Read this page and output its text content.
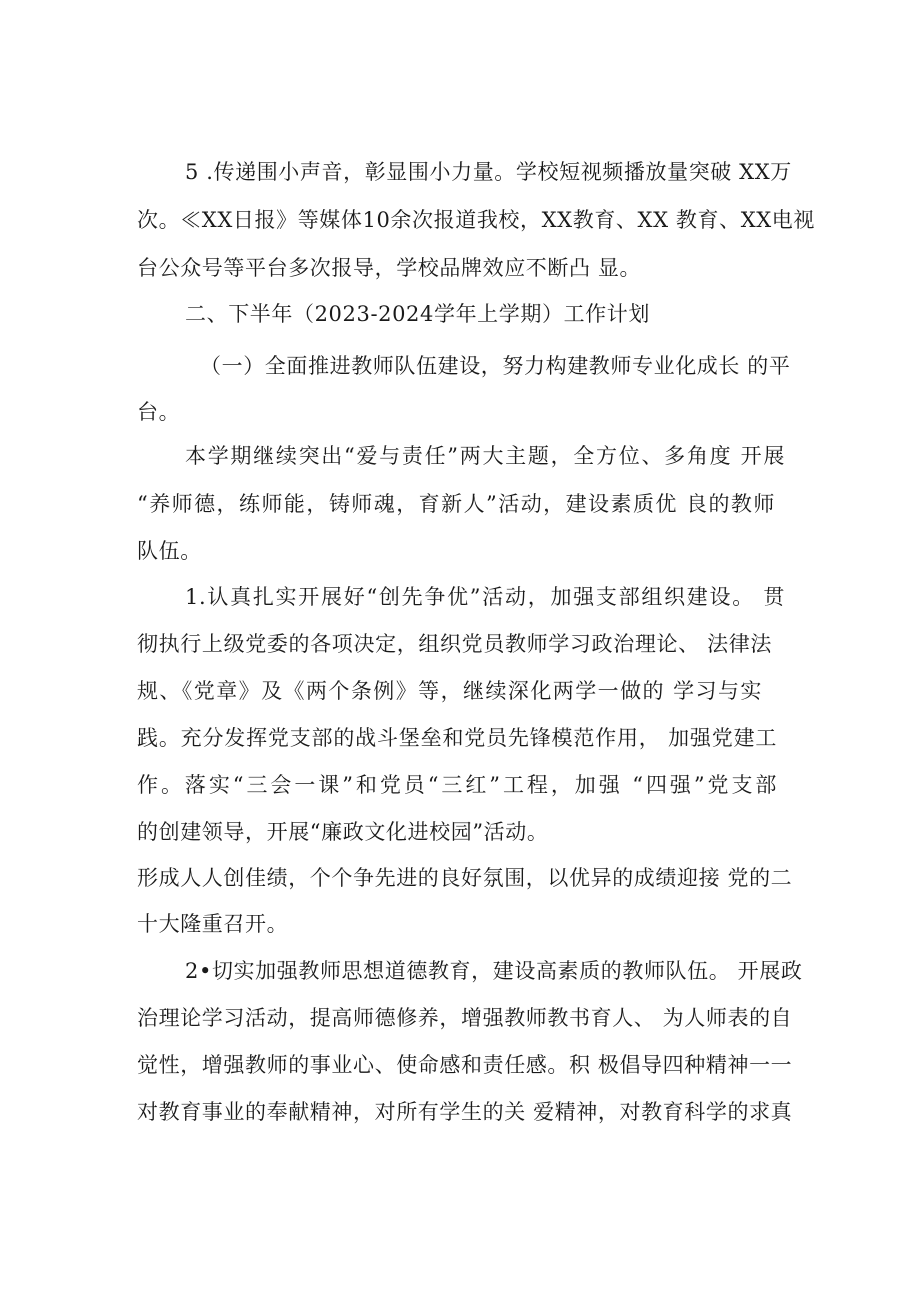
5 .传递围小声音，彰显围小力量。学校短视频播放量突破 XX万
次。≪XX日报》等媒体10余次报道我校，XX教育、XX 教育、XX电视
台公众号等平台多次报导，学校品牌效应不断凸 显。
二、下半年（2023-2024学年上学期）工作计划
（一）全面推进教师队伍建设，努力构建教师专业化成长 的平
台。
本学期继续突出“爱与责任”两大主题，全方位、多角度 开展
“养师德，练师能，铸师魂，育新人”活动，建设素质优 良的教师
队伍。
1.认真扎实开展好“创先争优”活动，加强支部组织建设。 贯
彻执行上级党委的各项决定，组织党员教师学习政治理论、 法律法
规、《党章》及《两个条例》等，继续深化两学一做的 学习与实
践。充分发挥党支部的战斗堡垒和党员先锋模范作用， 加强党建工
作。落实“三会一课”和党员“三红”工程，加强 “四强”党支部
的创建领导，开展“廉政文化进校园”活动。
形成人人创佳绩，个个争先进的良好氛围，以优异的成绩迎接 党的二
十大隆重召开。
2•切实加强教师思想道德教育，建设高素质的教师队伍。 开展政
治理论学习活动，提高师德修养，增强教师教书育人、 为人师表的自
觉性，增强教师的事业心、使命感和责任感。积 极倡导四种精神一一
对教育事业的奉献精神，对所有学生的关 爱精神，对教育科学的求真
